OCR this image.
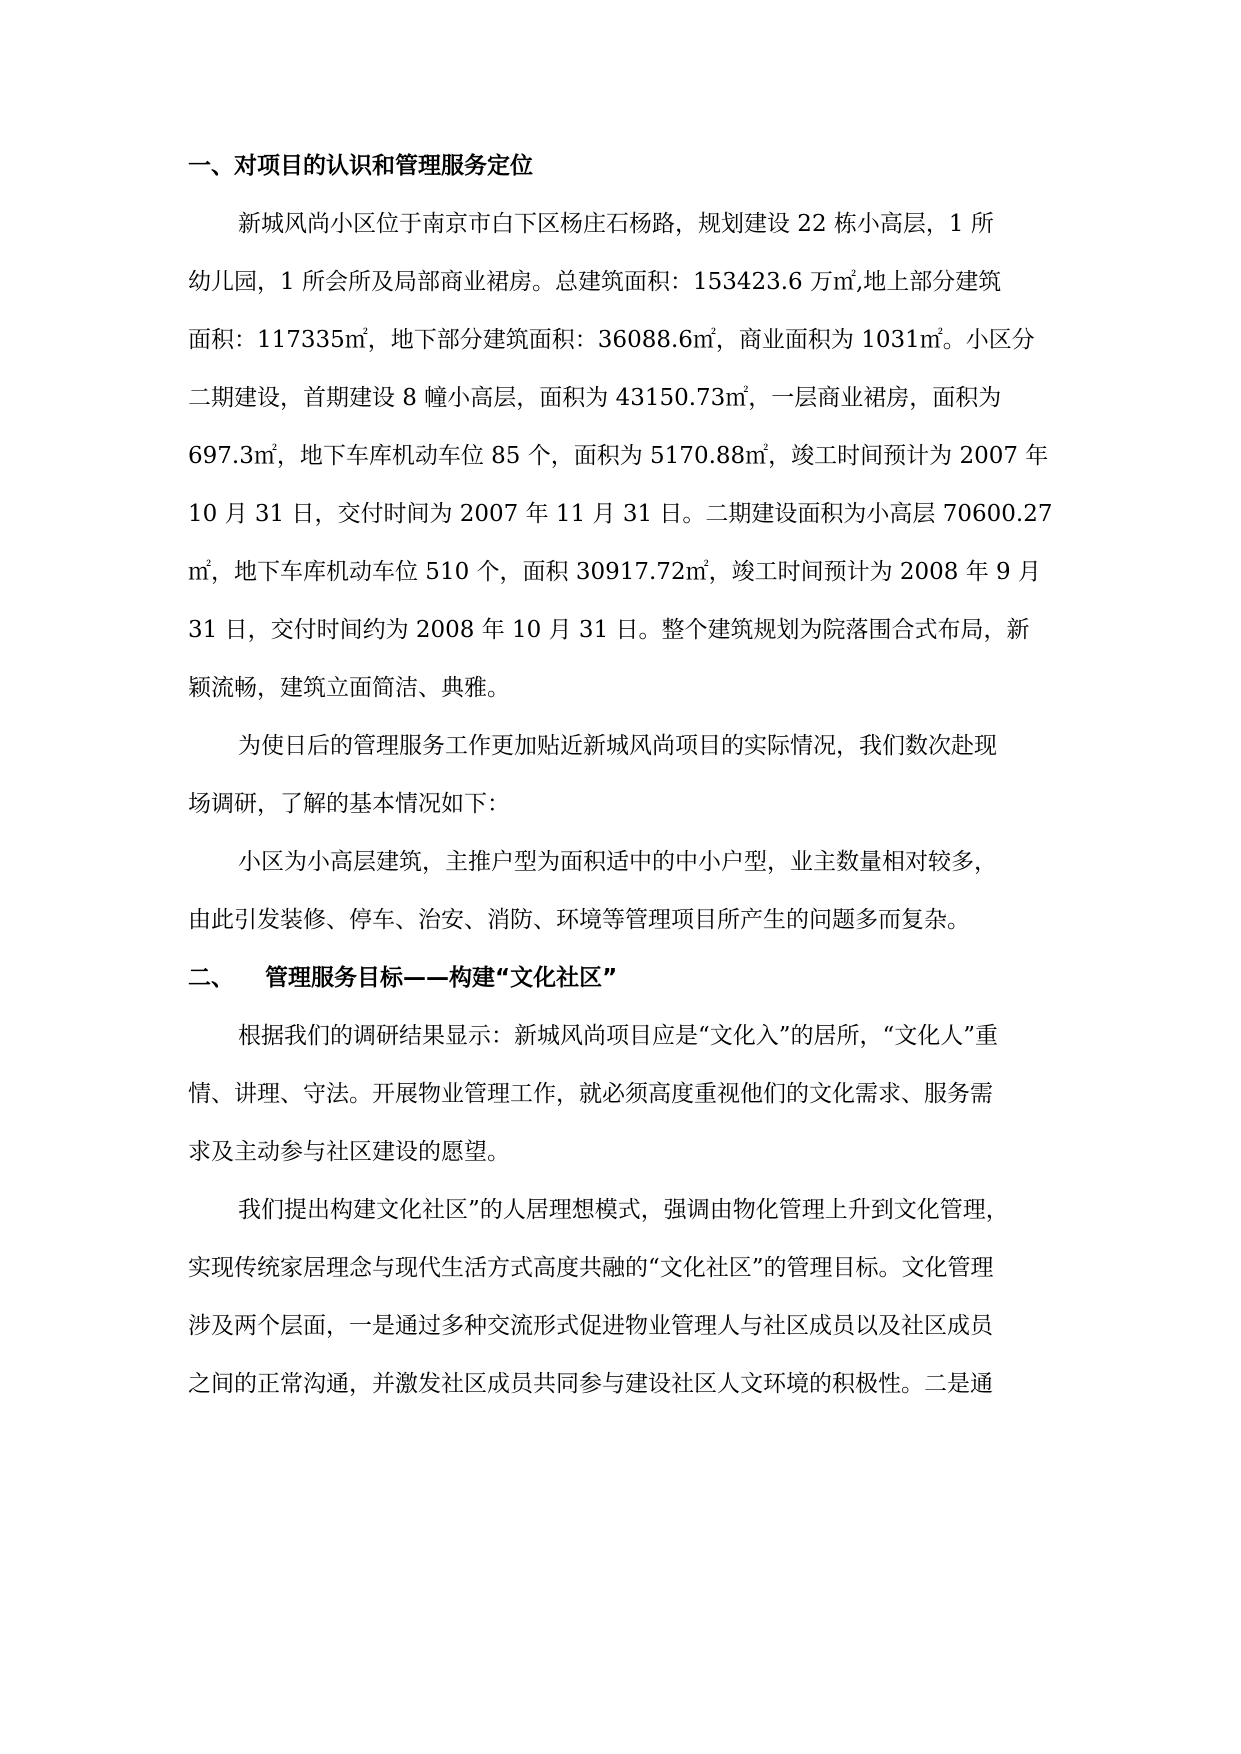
一、对项目的认识和管理服务定位
新城风尚小区位于南京市白下区杨庄石杨路，规划建设 22 栋小高层，1 所
幼儿园，1 所会所及局部商业裙房。总建筑面积：153423.6 万㎡,地上部分建筑
面积：117335㎡，地下部分建筑面积：36088.6㎡，商业面积为 1031㎡。小区分
二期建设，首期建设 8 幢小高层，面积为 43150.73㎡，一层商业裙房，面积为
697.3㎡，地下车库机动车位 85 个，面积为 5170.88㎡，竣工时间预计为 2007 年
10 月 31 日，交付时间为 2007 年 11 月 31 日。二期建设面积为小高层 70600.27
㎡，地下车库机动车位 510 个，面积 30917.72㎡，竣工时间预计为 2008 年 9 月
31 日，交付时间约为 2008 年 10 月 31 日。整个建筑规划为院落围合式布局，新
颖流畅，建筑立面简洁、典雅。
为使日后的管理服务工作更加贴近新城风尚项目的实际情况，我们数次赴现
场调研，了解的基本情况如下：
小区为小高层建筑，主推户型为面积适中的中小户型，业主数量相对较多，
由此引发装修、停车、治安、消防、环境等管理项目所产生的问题多而复杂。
二、 管理服务目标——构建“文化社区”
根据我们的调研结果显示：新城风尚项目应是“文化入”的居所，“文化人”重
情、讲理、守法。开展物业管理工作，就必须高度重视他们的文化需求、服务需
求及主动参与社区建设的愿望。
我们提出构建文化社区”的人居理想模式，强调由物化管理上升到文化管理，
实现传统家居理念与现代生活方式高度共融的“文化社区”的管理目标。文化管理
涉及两个层面，一是通过多种交流形式促进物业管理人与社区成员以及社区成员
之间的正常沟通，并激发社区成员共同参与建设社区人文环境的积极性。二是通
